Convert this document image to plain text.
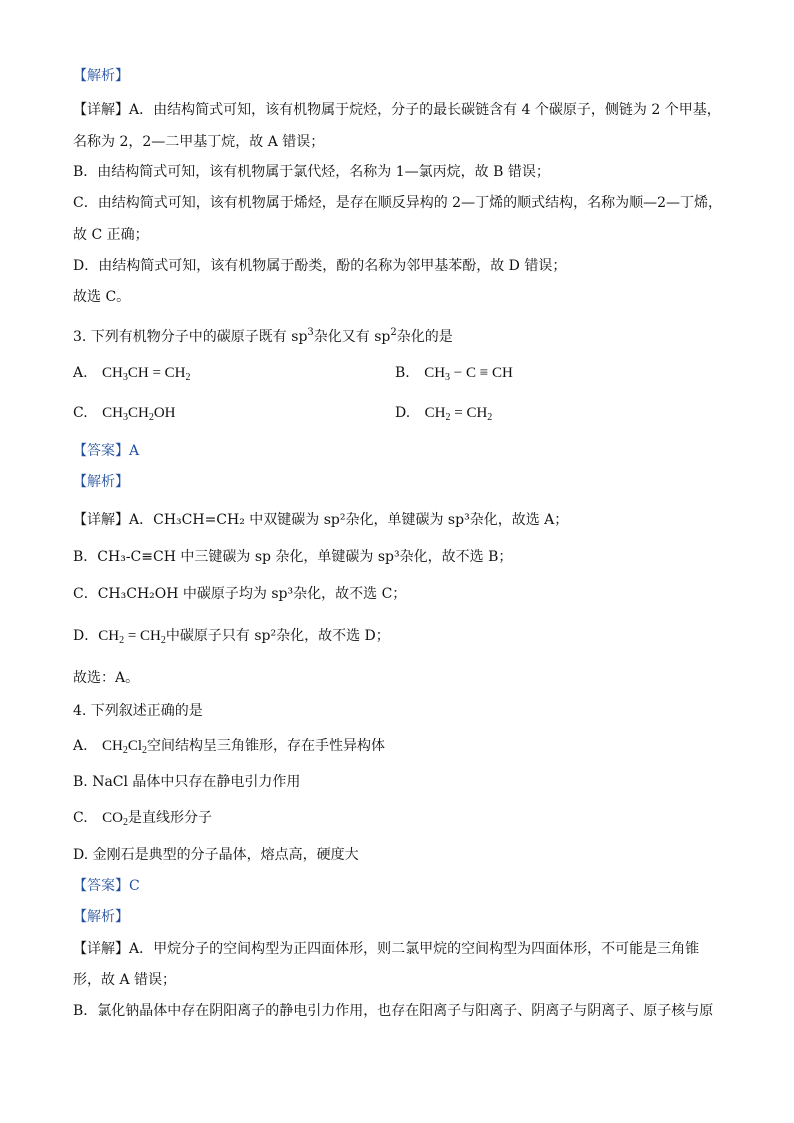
【解析】
【详解】A．由结构简式可知，该有机物属于烷烃，分子的最长碳链含有 4 个碳原子，侧链为 2 个甲基，
名称为 2，2—二甲基丁烷，故 A 错误；
B．由结构简式可知，该有机物属于氯代烃，名称为 1—氯丙烷，故 B 错误；
C．由结构简式可知，该有机物属于烯烃，是存在顺反异构的 2—丁烯的顺式结构，名称为顺—2—丁烯，
故 C 正确；
D．由结构简式可知，该有机物属于酚类，酚的名称为邻甲基苯酚，故 D 错误；
故选 C。
3. 下列有机物分子中的碳原子既有 $sp^3$杂化又有 $sp^2$杂化的是
A. $CH_3CH = CH_2$	B. $CH_3 - C$ ≡ CH
C. $CH_3CH_2OH$	D. $CH_2 = CH_2$
【答案】A
【解析】
【详解】A．CH₃CH=CH₂ 中双键碳为 sp²杂化，单键碳为 sp³杂化，故选 A；
B．CH₃-C≡CH 中三键碳为 sp 杂化，单键碳为 sp³杂化，故不选 B；
C．CH₃CH₂OH 中碳原子均为 sp³杂化，故不选 C；
D．$CH_2 = CH_2$中碳原子只有 sp²杂化，故不选 D；
故选：A。
4. 下列叙述正确的是
A. $CH_2Cl_2$空间结构呈三角锥形，存在手性异构体
B. NaCl 晶体中只存在静电引力作用
C. $CO_2$是直线形分子
D. 金刚石是典型的分子晶体，熔点高，硬度大
【答案】C
【解析】
【详解】A．甲烷分子的空间构型为正四面体形，则二氯甲烷的空间构型为四面体形，不可能是三角锥
形，故 A 错误；
B．氯化钠晶体中存在阴阳离子的静电引力作用，也存在阳离子与阳离子、阴离子与阴离子、原子核与原
